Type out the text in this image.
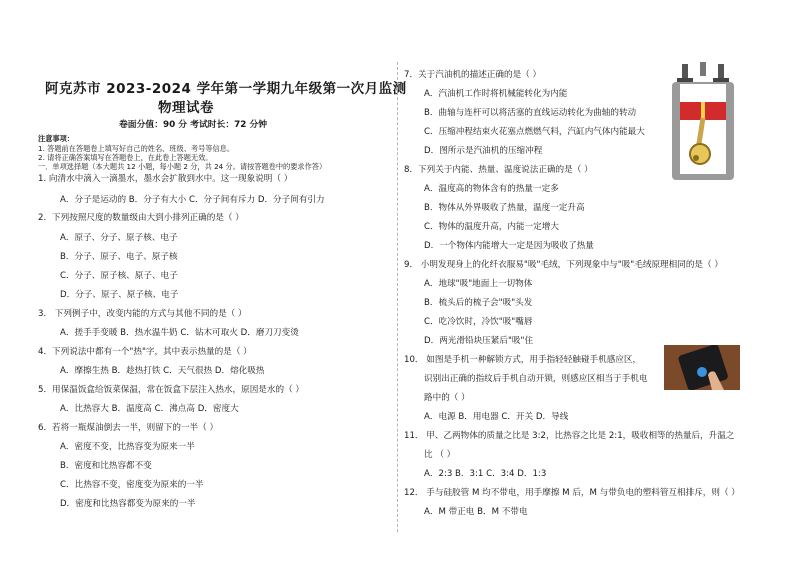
阿克苏市 2023-2024 学年第一学期九年级第一次月监测
物理试卷
卷面分值：90 分 考试时长：72 分钟
注意事项：
1. 答题前在答题卷上填写好自己的姓名、班级、考号等信息。
2. 请将正确答案填写在答题卷上，在此卷上答题无效。
一．单项选择题（本大题共 12 小题，每小题 2 分，共 24 分。请按答题卷中的要求作答）
1. 向清水中滴入一滴墨水，墨水会扩散到水中。这一现象说明（ ）
A．分子是运动的 B．分子有大小 C．分子间有斥力 D．分子间有引力
2．下列按照尺度的数量级由大到小排列正确的是（ ）
A．原子、分子、原子核、电子
B．分子、原子、电子、原子核
C．分子、原子核、原子、电子
D．分子、原子、原子核、电子
3． 下列例子中，改变内能的方式与其他不同的是（ ）
A．搓手手变暖 B．热水温牛奶 C．钻木可取火 D．磨刀刀变烫
4．下列说法中都有一个"热"字，其中表示热量的是（ ）
A．摩擦生热 B．趁热打铁 C．天气很热 D．熔化吸热
5．用保温饭盒给饭菜保温，常在饭盒下层注入热水，原因是水的（ ）
A．比热容大 B．温度高 C．沸点高 D．密度大
6．若将一瓶煤油倒去一半，则留下的一半（ ）
A．密度不变，比热容变为原来一半
B．密度和比热容都不变
C．比热容不变，密度变为原来的一半
D．密度和比热容都变为原来的一半
7．关于汽油机的描述正确的是（ ）
A．汽油机工作时将机械能转化为内能
B．曲轴与连杆可以将活塞的直线运动转化为曲轴的转动
C．压缩冲程结束火花塞点燃燃气料，汽缸内气体内能最大
D．图所示是汽油机的压缩冲程
8．下列关于内能、热量、温度说法正确的是（ ）
A．温度高的物体含有的热量一定多
B．物体从外界吸收了热量，温度一定升高
C．物体的温度升高，内能一定增大
D．一个物体内能增大一定是因为吸收了热量
9． 小明发现身上的化纤衣服易"吸"毛绒，下列现象中与"吸"毛绒原理相同的是（ ）
A．地球"吸"地面上一切物体
B．梳头后的梳子会"吸"头发
C．吃冷饮时，冷饮"吸"嘴唇
D．两光滑铅块压紧后"吸"住
10． 如图是手机一种解锁方式，用手指轻轻触碰手机感应区，
识别出正确的指纹后手机自动开锁，则感应区相当于手机电
路中的（ ）
A．电源 B．用电器 C．开关 D．导线
11． 甲、乙两物体的质量之比是 3:2，比热容之比是 2:1，吸收相等的热量后，升温之
比 （ ）
A．2:3 B．3:1 C．3:4 D．1:3
12． 手与硅胶管 M 均不带电，用手摩擦 M 后，M 与带负电的塑料管互相排斥，则（ ）
A．M 带正电 B．M 不带电
